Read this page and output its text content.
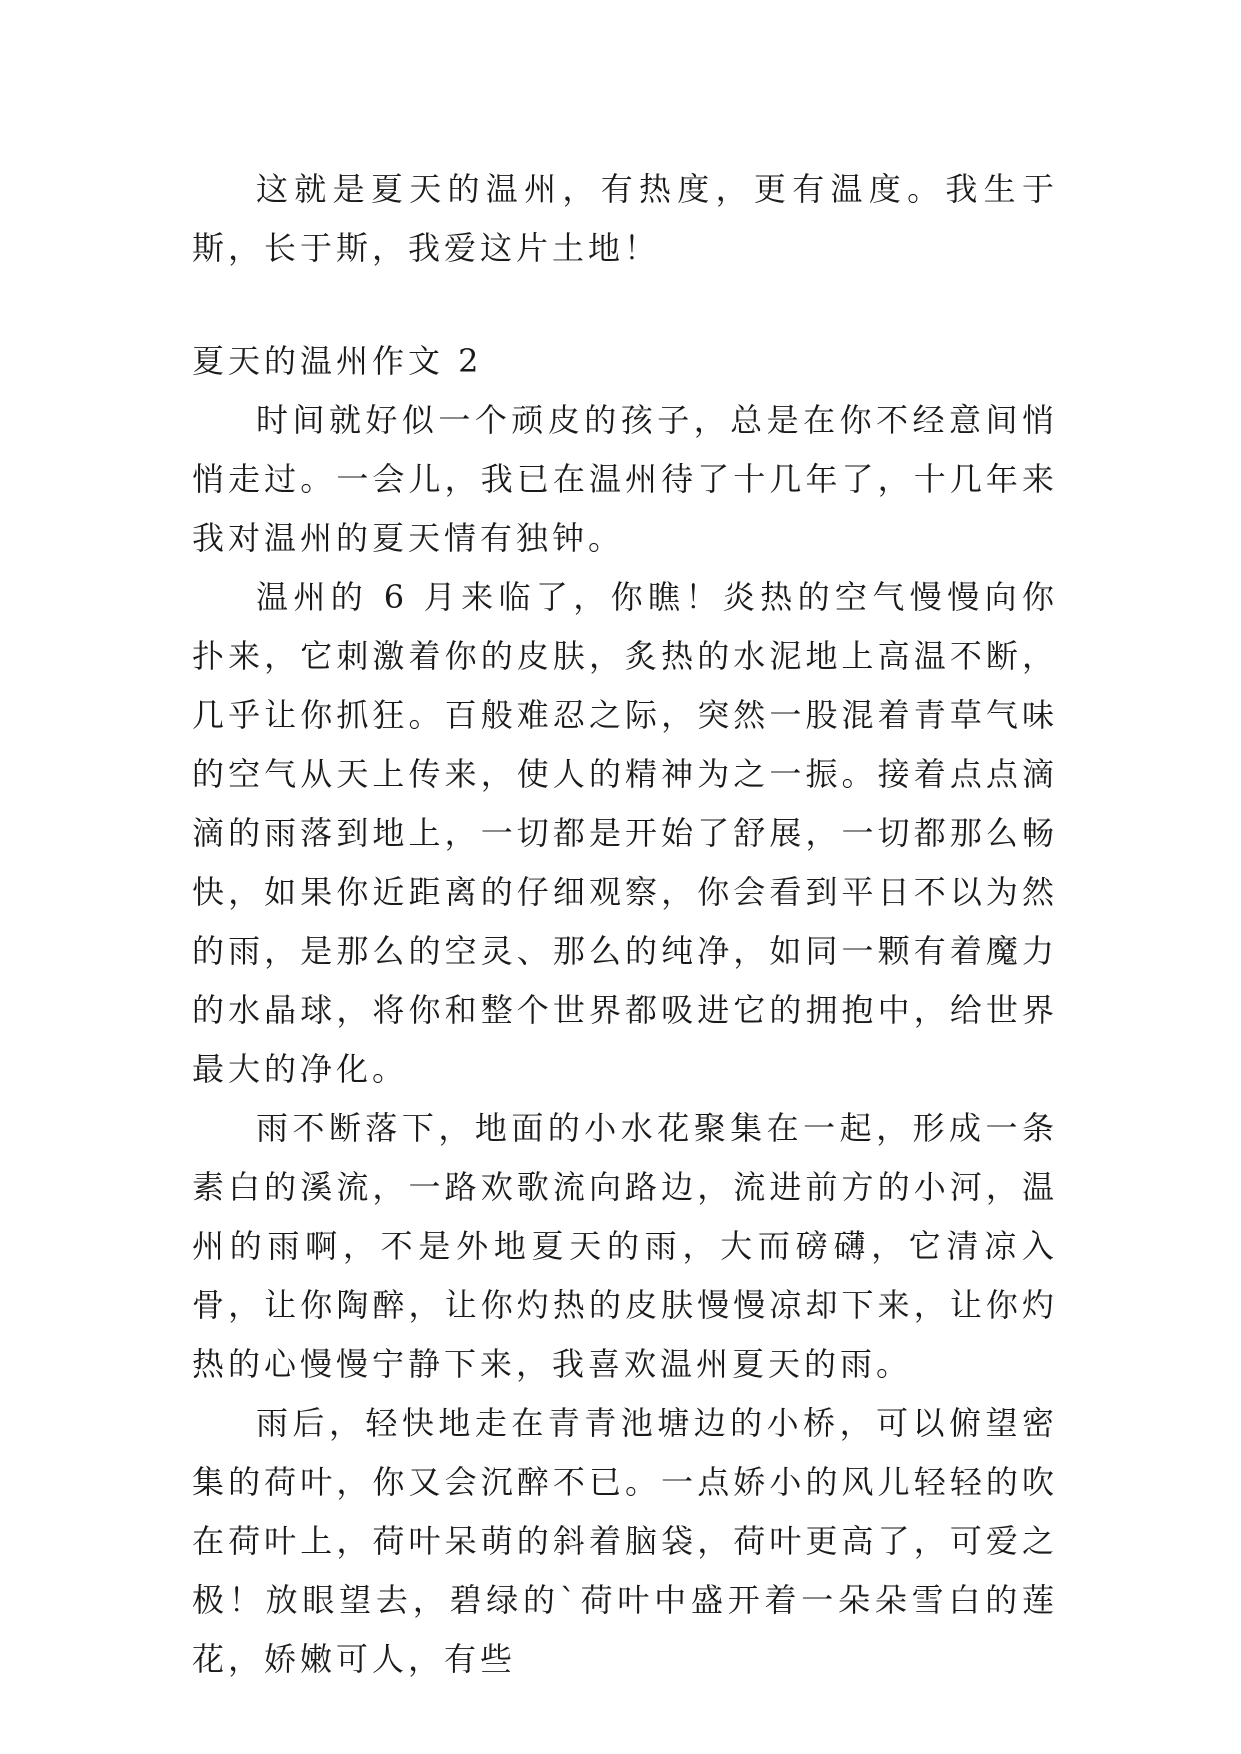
这就是夏天的温州，有热度，更有温度。我生于斯，长于斯，我爱这片土地！

夏天的温州作文 2

时间就好似一个顽皮的孩子，总是在你不经意间悄悄走过。一会儿，我已在温州待了十几年了，十几年来我对温州的夏天情有独钟。

温州的 6 月来临了，你瞧！炎热的空气慢慢向你扑来，它刺激着你的皮肤，炙热的水泥地上高温不断，几乎让你抓狂。百般难忍之际，突然一股混着青草气味的空气从天上传来，使人的精神为之一振。接着点点滴滴的雨落到地上，一切都是开始了舒展，一切都那么畅快，如果你近距离的仔细观察，你会看到平日不以为然的雨，是那么的空灵、那么的纯净，如同一颗有着魔力的水晶球，将你和整个世界都吸进它的拥抱中，给世界最大的净化。

雨不断落下，地面的小水花聚集在一起，形成一条素白的溪流，一路欢歌流向路边，流进前方的小河，温州的雨啊，不是外地夏天的雨，大而磅礴，它清凉入骨，让你陶醉，让你灼热的皮肤慢慢凉却下来，让你灼热的心慢慢宁静下来，我喜欢温州夏天的雨。

雨后，轻快地走在青青池塘边的小桥，可以俯望密集的荷叶，你又会沉醉不已。一点娇小的风儿轻轻的吹在荷叶上，荷叶呆萌的斜着脑袋，荷叶更高了，可爱之极！放眼望去，碧绿的`荷叶中盛开着一朵朵雪白的莲花，娇嫩可人，有些
